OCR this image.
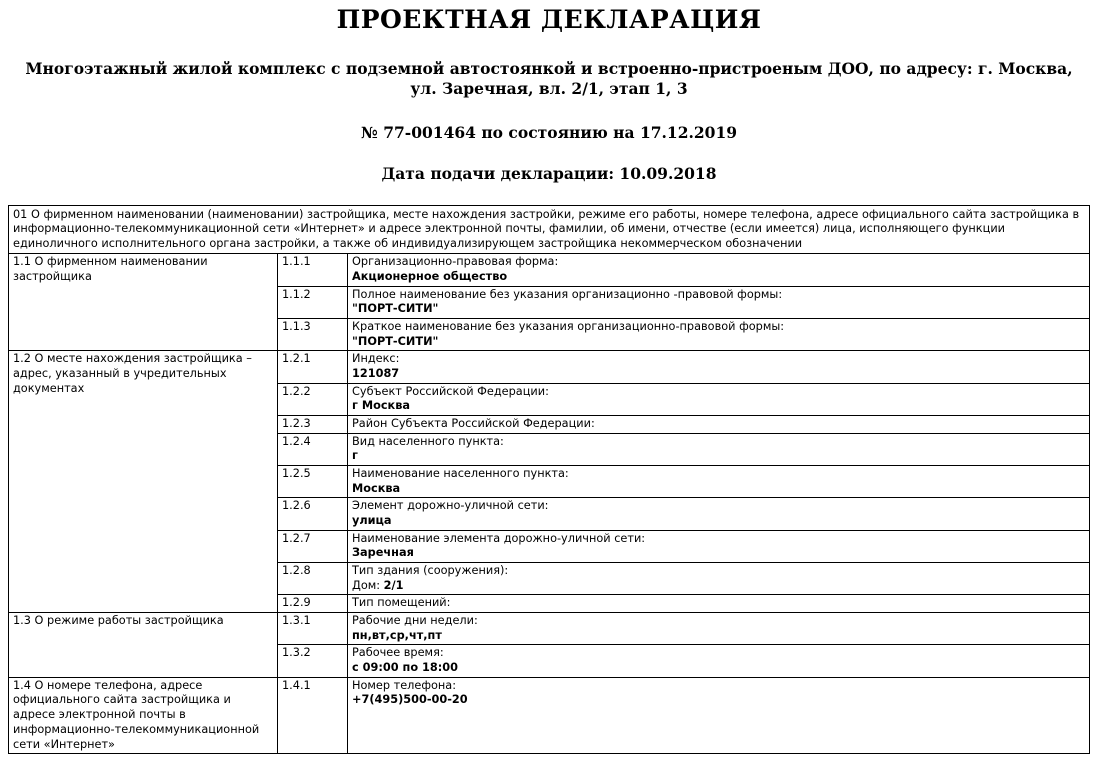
ПРОЕКТНАЯ ДЕКЛАРАЦИЯ
Многоэтажный жилой комплекс с подземной автостоянкой и встроенно-пристроеным ДОО, по адресу: г. Москва, ул. Заречная, вл. 2/1, этап 1, 3
№ 77-001464 по состоянию на 17.12.2019
Дата подачи декларации: 10.09.2018
01 О фирменном наименовании (наименовании) застройщика, месте нахождения застройки, режиме его работы, номере телефона, адресе официального сайта застройщика в информационно-телекоммуникационной сети «Интернет» и адресе электронной почты, фамилии, об имени, отчестве (если имеется) лица, исполняющего функции единоличного исполнительного органа застройки, а также об индивидуализирующем застройщика некоммерческом обозначении		
1.1 О фирменном наименовании застройщика	1.1.1	Организационно-правовая форма:
Акционерное общество

	1.1.2	Полное наименование без указания организационно -правовой формы:
"ПОРТ-СИТИ"

	1.1.3	Краткое наименование без указания организационно-правовой формы:
"ПОРТ-СИТИ"

1.2 О месте нахождения застройщика – адрес, указанный в учредительных документах	1.2.1	Индекс:
121087

	1.2.2	Субъект Российской Федерации:
г Москва

	1.2.3	Район Субъекта Российской Федерации:

	1.2.4	Вид населенного пункта:
г

	1.2.5	Наименование населенного пункта:
Москва

	1.2.6	Элемент дорожно-уличной сети:
улица

	1.2.7	Наименование элемента дорожно-уличной сети:
Заречная

	1.2.8	Тип здания (сооружения):
Дом: 2/1

	1.2.9	Тип помещений:

1.3 О режиме работы застройщика	1.3.1	Рабочие дни недели:
пн,вт,ср,чт,пт

	1.3.2	Рабочее время:
с 09:00 по 18:00

1.4 О номере телефона, адресе официального сайта застройщика и адресе электронной почты в информационно-телекоммуникационной сети «Интернет»	1.4.1	Номер телефона:
+7(495)500-00-20
